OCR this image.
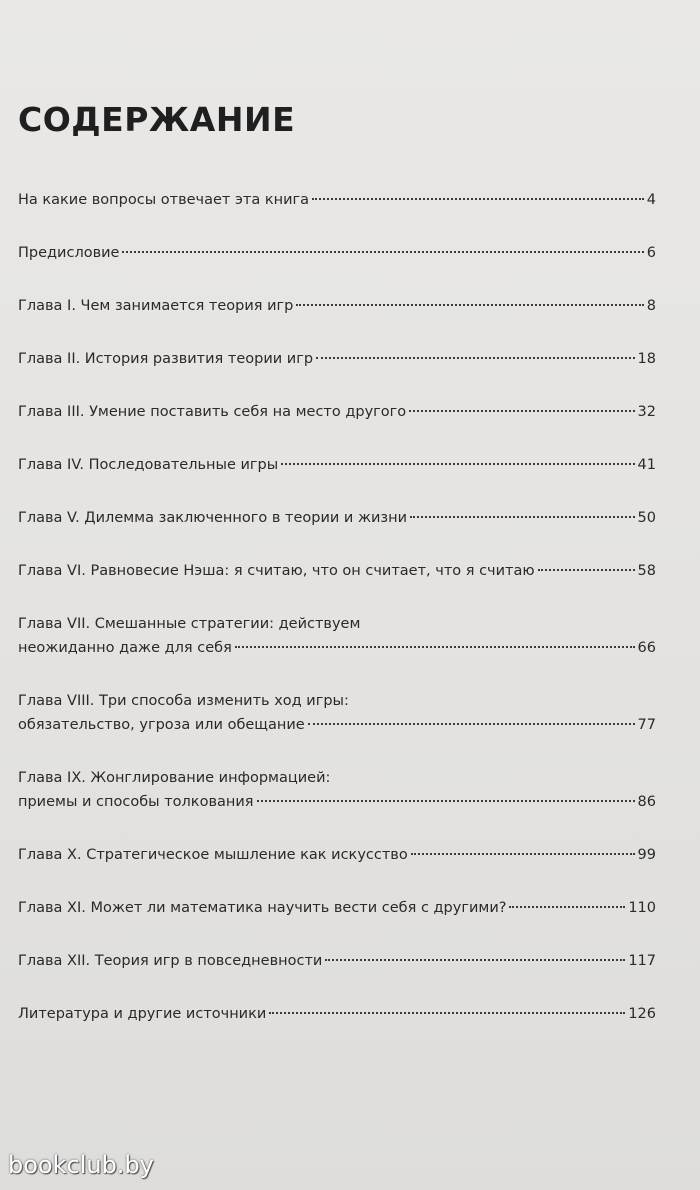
СОДЕРЖАНИЕ
На какие вопросы отвечает эта книга	4
Предисловие	6
Глава I. Чем занимается теория игр	8
Глава II. История развития теории игр	18
Глава III. Умение поставить себя на место другого	32
Глава IV. Последовательные игры	41
Глава V. Дилемма заключенного в теории и жизни	50
Глава VI. Равновесие Нэша: я считаю, что он считает, что я считаю	58
Глава VII. Смешанные стратегии: действуем
неожиданно даже для себя	66
Глава VIII. Три способа изменить ход игры:
обязательство, угроза или обещание	77
Глава IX. Жонглирование информацией:
приемы и способы толкования	86
Глава X. Стратегическое мышление как искусство	99
Глава XI. Может ли математика научить вести себя с другими?	110
Глава XII. Теория игр в повседневности	117
Литература и другие источники	126
bookclub.by
